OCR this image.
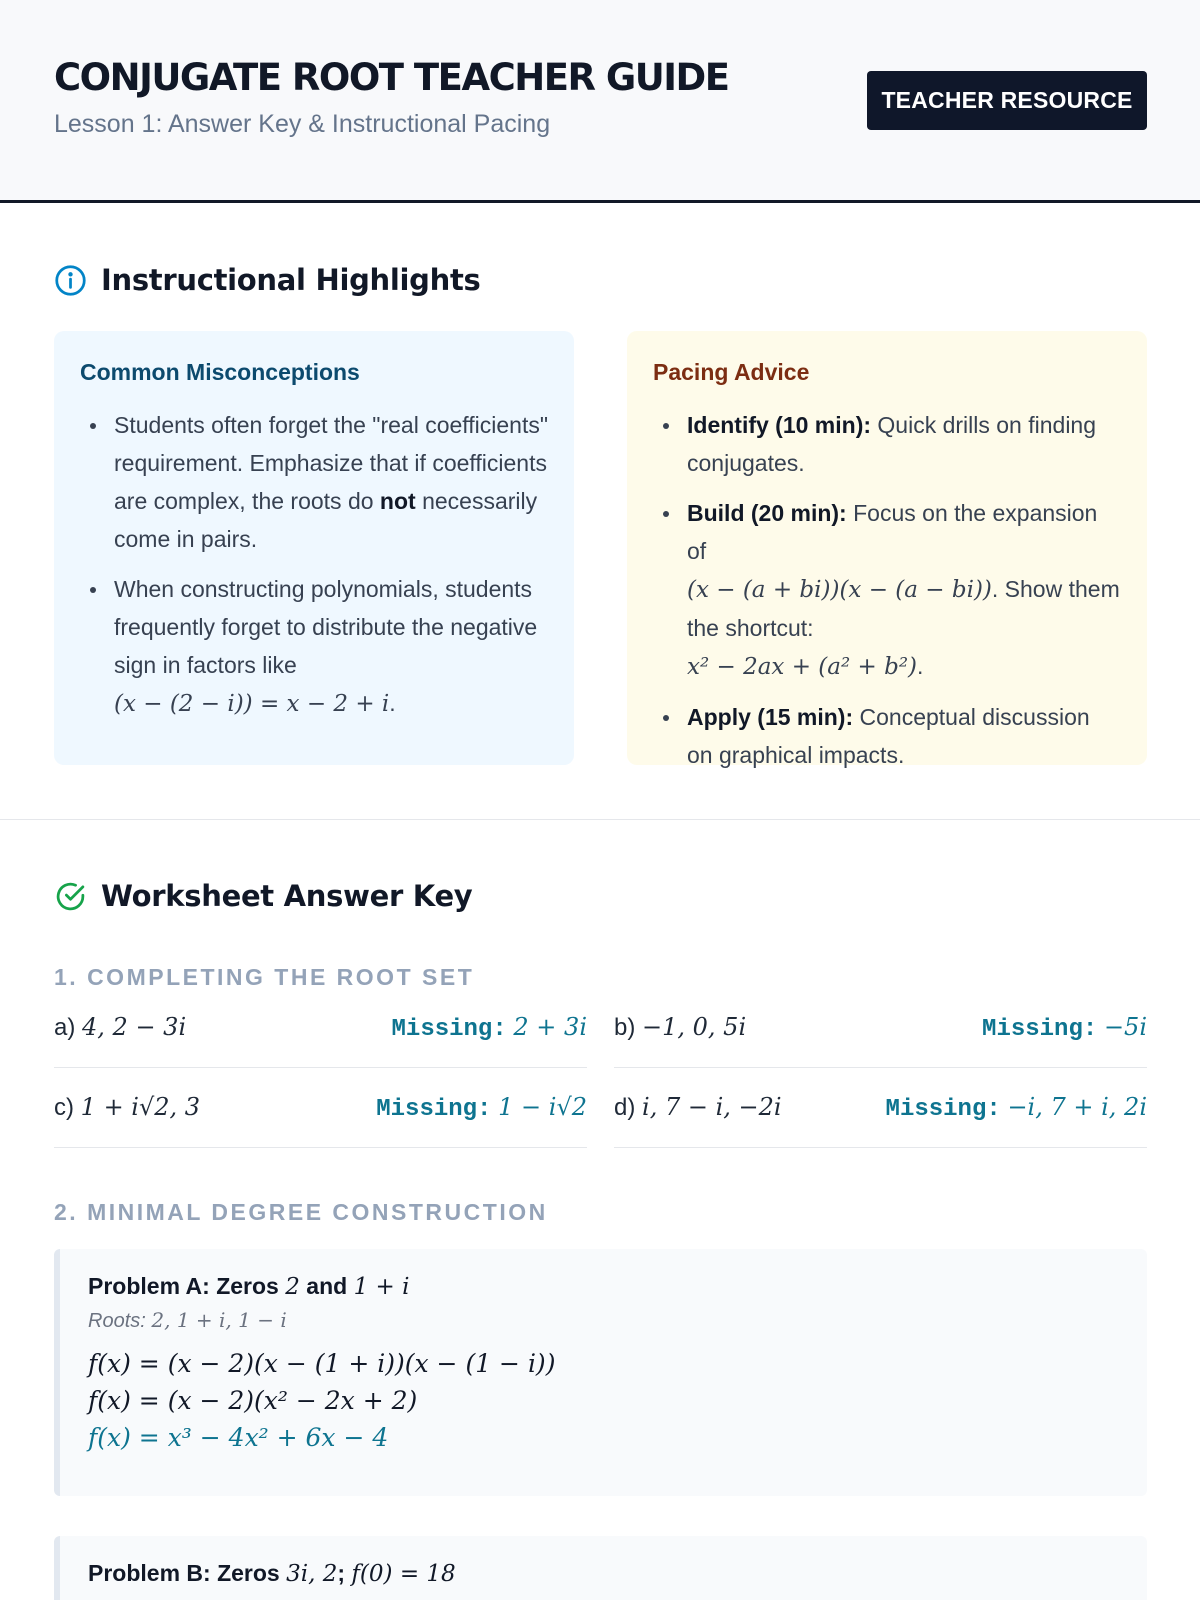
CONJUGATE ROOT TEACHER GUIDE
Lesson 1: Answer Key & Instructional Pacing
TEACHER RESOURCE
Instructional Highlights
Common Misconceptions
Students often forget the "real coefficients" requirement. Emphasize that if coefficients are complex, the roots do not necessarily come in pairs.
When constructing polynomials, students frequently forget to distribute the negative sign in factors like
(x − (2 − i)) = x − 2 + i.
Pacing Advice
Identify (10 min): Quick drills on finding conjugates.
Build (20 min): Focus on the expansion of
(x − (a + bi))(x − (a − bi)). Show them the shortcut:
x² − 2ax + (a² + b²).
Apply (15 min): Conceptual discussion on graphical impacts.
Worksheet Answer Key
1. COMPLETING THE ROOT SET
a) 4, 2 − 3i	Missing: 2 + 3i b) −1, 0, 5i	Missing: −5i
c) 1 + i√2, 3	Missing: 1 − i√2 d) i, 7 − i, −2i	Missing: −i, 7 + i, 2i
2. MINIMAL DEGREE CONSTRUCTION
Problem A: Zeros 2 and 1 + i
Roots: 2, 1 + i, 1 − i
f(x) = (x − 2)(x − (1 + i))(x − (1 − i))
f(x) = (x − 2)(x² − 2x + 2)
f(x) = x³ − 4x² + 6x − 4
Problem B: Zeros 3i, 2; f(0) = 18
